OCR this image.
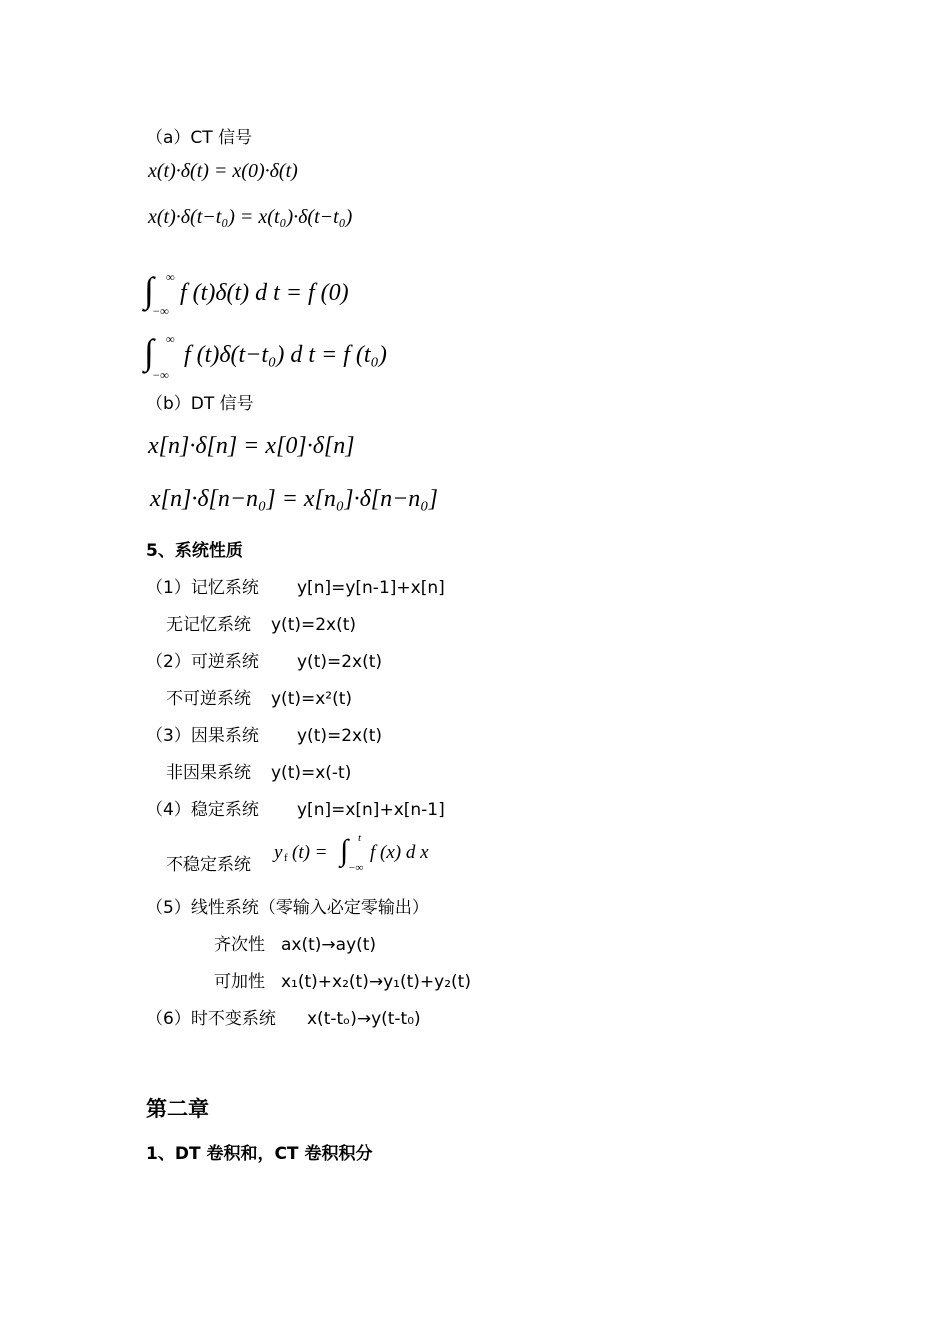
（a）CT 信号
x(t)·δ(t) = x(0)·δ(t)
x(t)·δ(t−t₀) = x(t₀)·δ(t−t₀)
∫ ∞
−∞
f (t)δ(t) d t = f (0)
∫ ∞
−∞
f (t)δ(t−t₀) d t = f (t₀)
（b）DT 信号
x[n]·δ[n] = x[0]·δ[n]
x[n]·δ[n−n₀] = x[n₀]·δ[n−n₀]
5、系统性质
（1）记忆系统 y[n]=y[n-1]+x[n]
无记忆系统 y(t)=2x(t)
（2）可逆系统 y(t)=2x(t)
不可逆系统 y(t)=x²(t)
（3）因果系统 y(t)=2x(t)
非因果系统 y(t)=x(-t)
（4）稳定系统 y[n]=x[n]+x[n-1]
不稳定系统
y f (t) = ∫ t
−∞
f (x) d x
（5）线性系统（零输入必定零输出）
齐次性 ax(t)→ay(t)
可加性 x₁(t)+x₂(t)→y₁(t)+y₂(t)
（6）时不变系统 x(t-tₒ)→y(t-t₀)
第二章
1、DT 卷积和，CT 卷积积分
